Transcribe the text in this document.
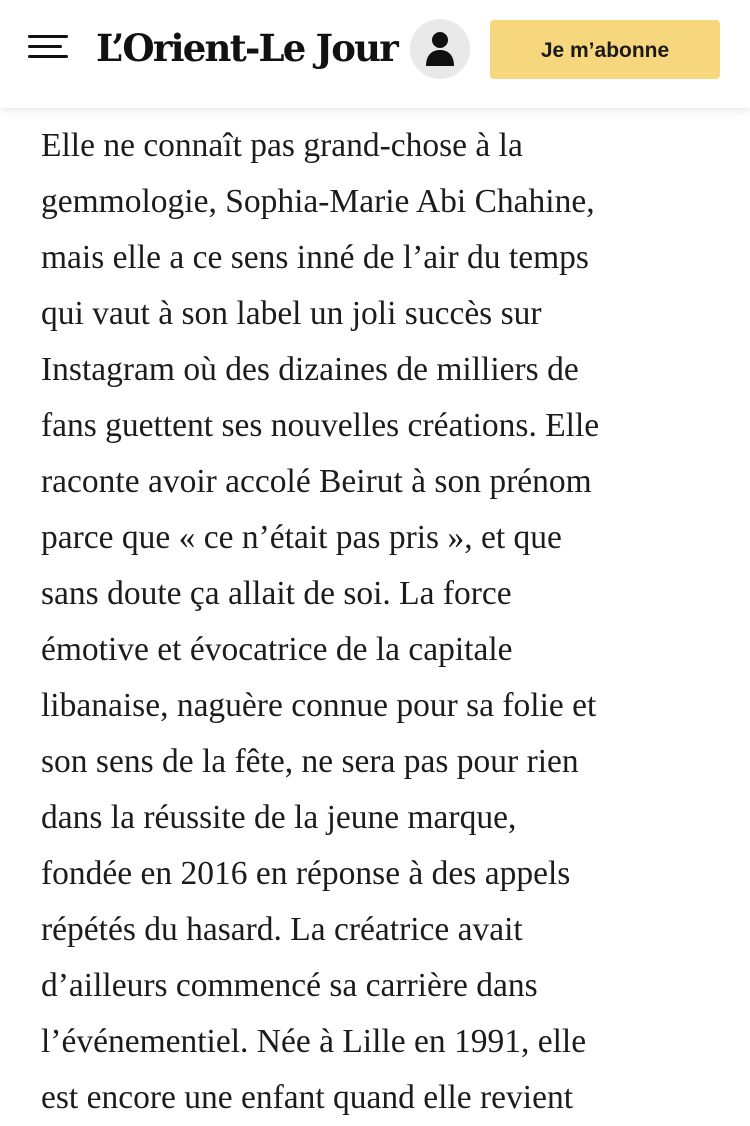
L’Orient-Le Jour	Je m’abonne
Elle ne connaît pas grand-chose à la
gemmologie, Sophia-Marie Abi Chahine,
mais elle a ce sens inné de l’air du temps
qui vaut à son label un joli succès sur
Instagram où des dizaines de milliers de
fans guettent ses nouvelles créations. Elle
raconte avoir accolé Beirut à son prénom
parce que « ce n’était pas pris », et que
sans doute ça allait de soi. La force
émotive et évocatrice de la capitale
libanaise, naguère connue pour sa folie et
son sens de la fête, ne sera pas pour rien
dans la réussite de la jeune marque,
fondée en 2016 en réponse à des appels
répétés du hasard. La créatrice avait
d’ailleurs commencé sa carrière dans
l’événementiel. Née à Lille en 1991, elle
est encore une enfant quand elle revient
